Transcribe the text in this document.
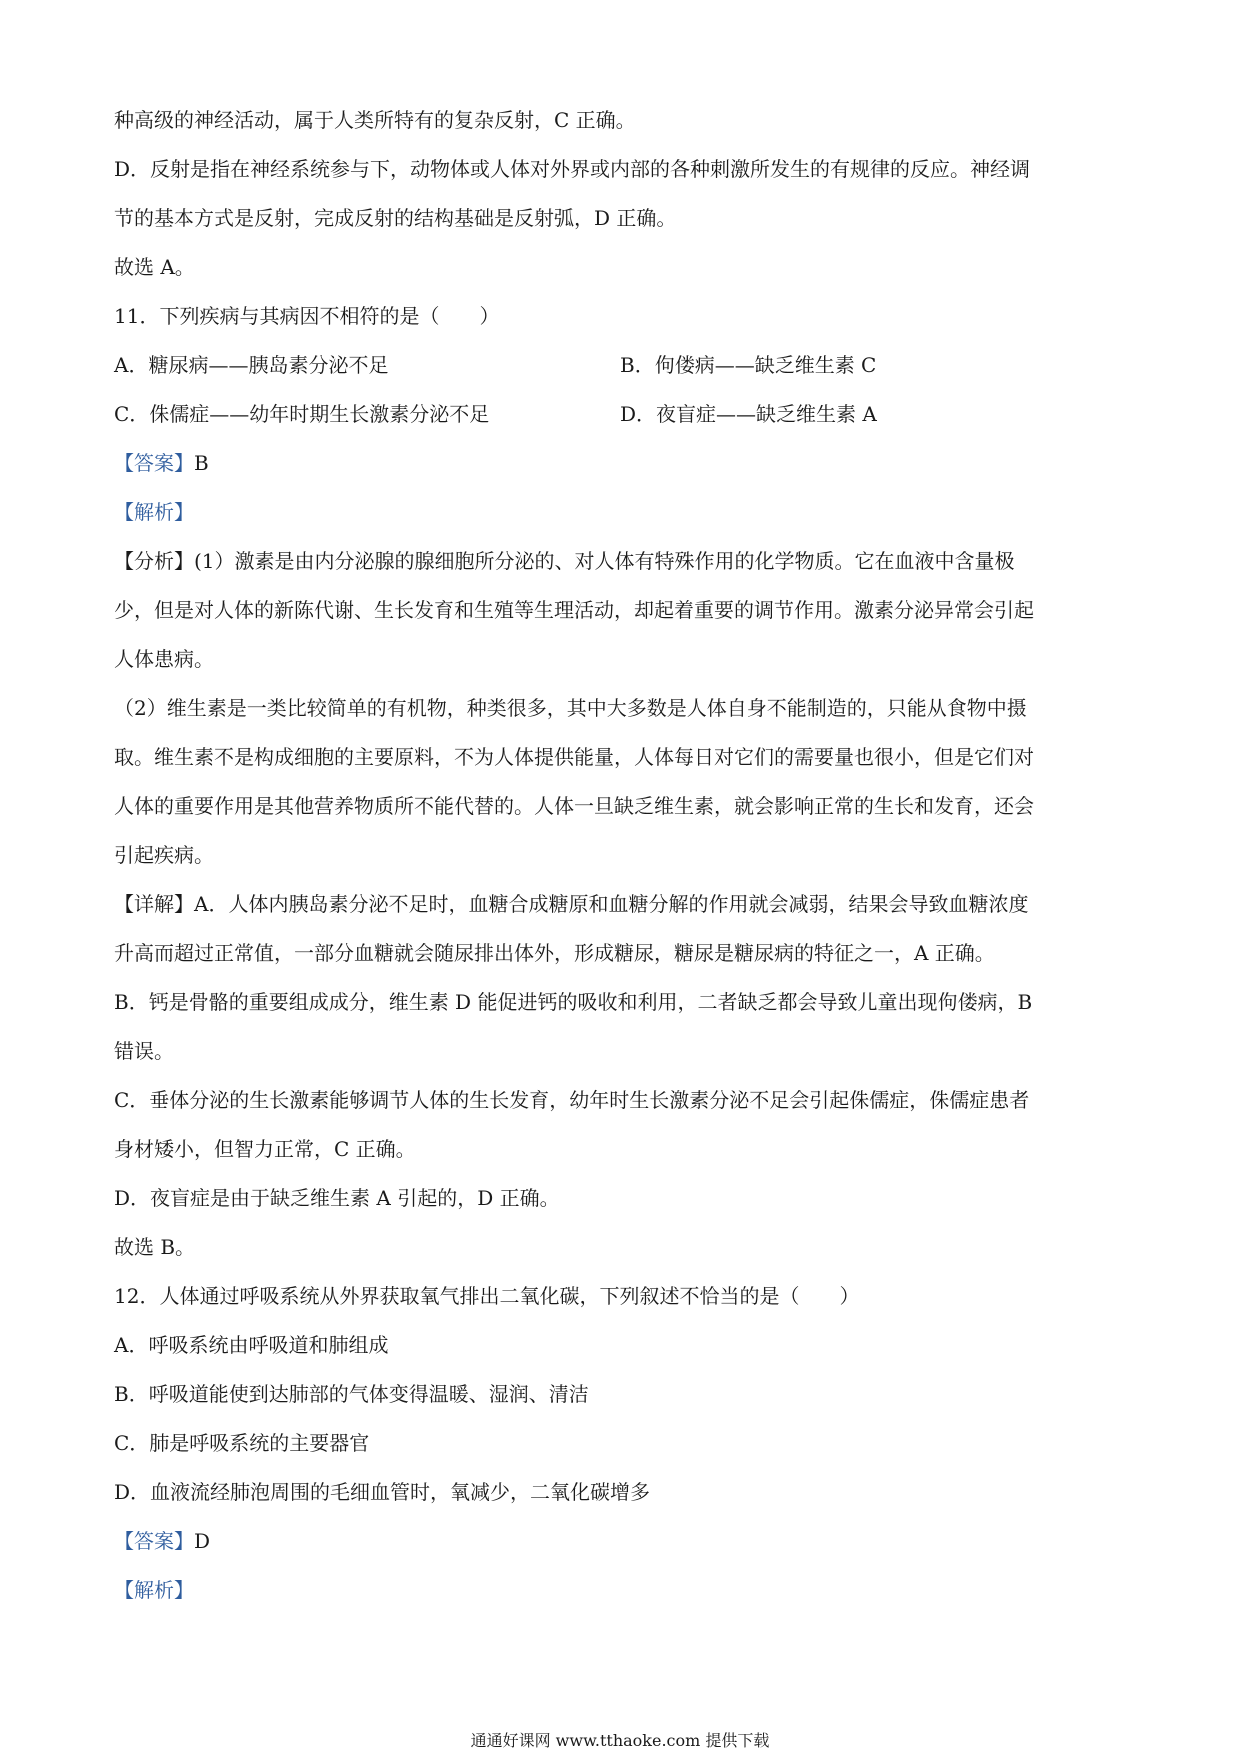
种高级的神经活动，属于人类所特有的复杂反射，C 正确。
D．反射是指在神经系统参与下，动物体或人体对外界或内部的各种刺激所发生的有规律的反应。神经调
节的基本方式是反射，完成反射的结构基础是反射弧，D 正确。
故选 A。
11．下列疾病与其病因不相符的是（　　）
A．糖尿病——胰岛素分泌不足	B．佝偻病——缺乏维生素 C
C．侏儒症——幼年时期生长激素分泌不足	D．夜盲症——缺乏维生素 A
【答案】B
【解析】
【分析】(1）激素是由内分泌腺的腺细胞所分泌的、对人体有特殊作用的化学物质。它在血液中含量极
少，但是对人体的新陈代谢、生长发育和生殖等生理活动，却起着重要的调节作用。激素分泌异常会引起
人体患病。
（2）维生素是一类比较简单的有机物，种类很多，其中大多数是人体自身不能制造的，只能从食物中摄
取。维生素不是构成细胞的主要原料，不为人体提供能量，人体每日对它们的需要量也很小，但是它们对
人体的重要作用是其他营养物质所不能代替的。人体一旦缺乏维生素，就会影响正常的生长和发育，还会
引起疾病。
【详解】A．人体内胰岛素分泌不足时，血糖合成糖原和血糖分解的作用就会减弱，结果会导致血糖浓度
升高而超过正常值，一部分血糖就会随尿排出体外，形成糖尿，糖尿是糖尿病的特征之一，A 正确。
B．钙是骨骼的重要组成成分，维生素 D 能促进钙的吸收和利用，二者缺乏都会导致儿童出现佝偻病，B
错误。
C．垂体分泌的生长激素能够调节人体的生长发育，幼年时生长激素分泌不足会引起侏儒症，侏儒症患者
身材矮小，但智力正常，C 正确。
D．夜盲症是由于缺乏维生素 A 引起的，D 正确。
故选 B。
12．人体通过呼吸系统从外界获取氧气排出二氧化碳，下列叙述不恰当的是（　　）
A．呼吸系统由呼吸道和肺组成
B．呼吸道能使到达肺部的气体变得温暖、湿润、清洁
C．肺是呼吸系统的主要器官
D．血液流经肺泡周围的毛细血管时，氧减少，二氧化碳增多
【答案】D
【解析】
通通好课网 www.tthaoke.com 提供下载
